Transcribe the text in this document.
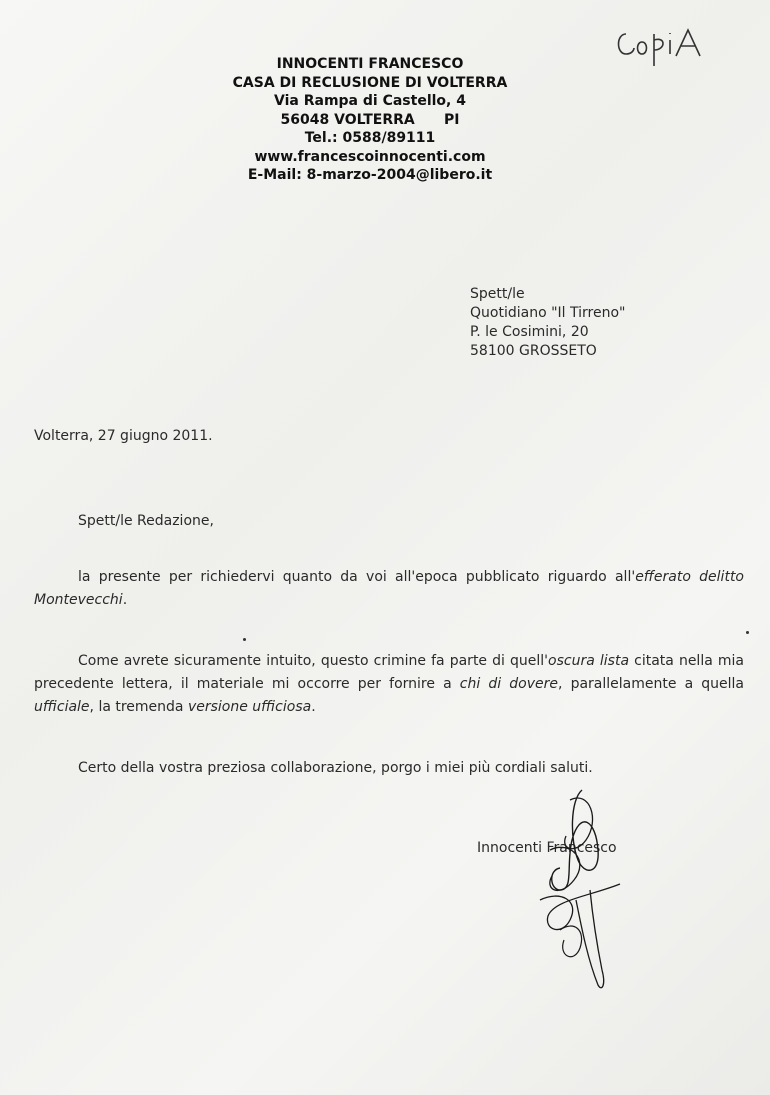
INNOCENTI FRANCESCO
CASA DI RECLUSIONE DI VOLTERRA
Via Rampa di Castello, 4
56048 VOLTERRA      PI
Tel.: 0588/89111
www.francescoinnocenti.com
E-Mail: 8-marzo-2004@libero.it
Spett/le
Quotidiano "Il Tirreno"
P. le Cosimini, 20
58100 GROSSETO
Volterra, 27 giugno 2011.
Spett/le Redazione,
la presente per richiedervi quanto da voi all'epoca pubblicato riguardo all'efferato delitto Montevecchi.
Come avrete sicuramente intuito, questo crimine fa parte di quell'oscura lista citata nella mia precedente lettera, il materiale mi occorre per fornire a chi di dovere, parallelamente a quella ufficiale, la tremenda versione ufficiosa.
Certo della vostra preziosa collaborazione, porgo i miei più cordiali saluti.
Innocenti Francesco
